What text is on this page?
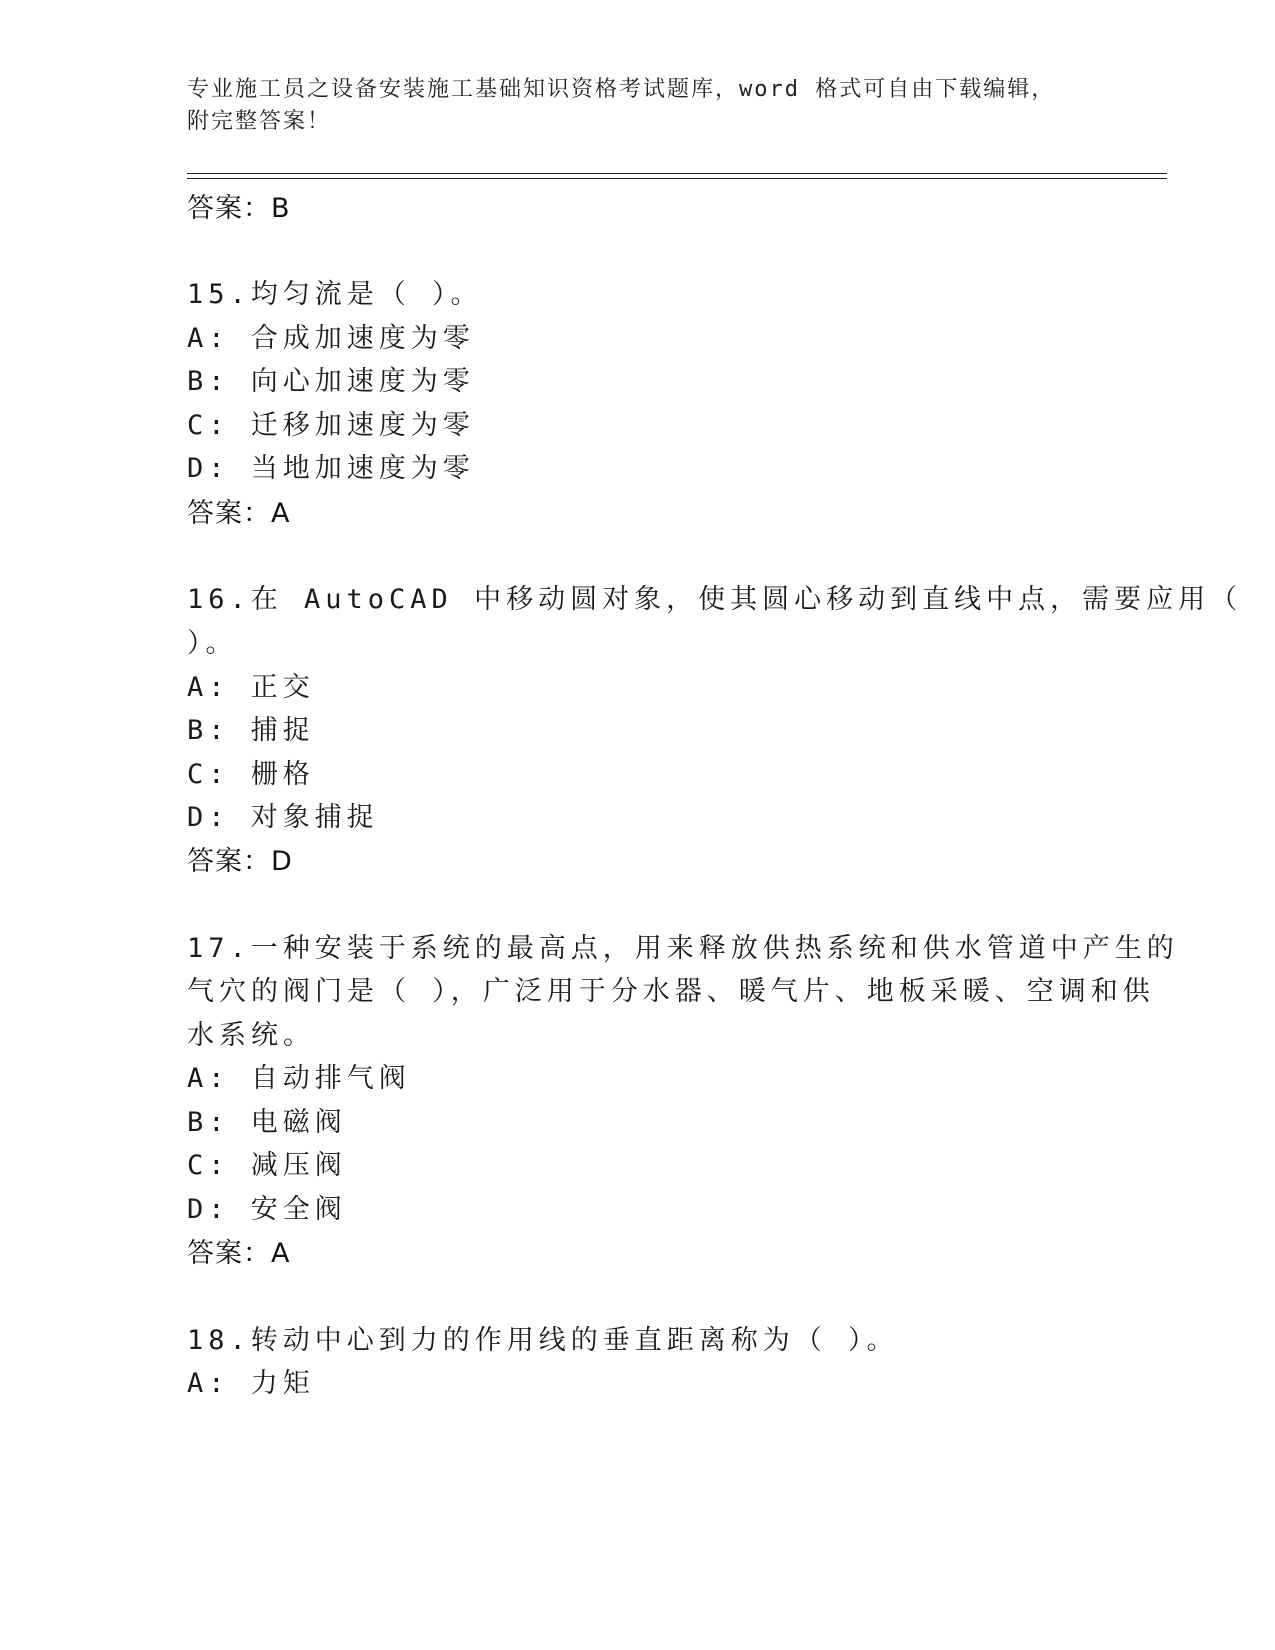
专业施工员之设备安装施工基础知识资格考试题库，word 格式可自由下载编辑，
附完整答案！
答案：B
15.均匀流是（ ）。
A: 合成加速度为零
B: 向心加速度为零
C: 迁移加速度为零
D: 当地加速度为零
答案：A
16.在 AutoCAD 中移动圆对象，使其圆心移动到直线中点，需要应用（
）。
A: 正交
B: 捕捉
C: 栅格
D: 对象捕捉
答案：D
17.一种安装于系统的最高点，用来释放供热系统和供水管道中产生的
气穴的阀门是（ ），广泛用于分水器、暖气片、地板采暖、空调和供
水系统。
A: 自动排气阀
B: 电磁阀
C: 减压阀
D: 安全阀
答案：A
18.转动中心到力的作用线的垂直距离称为（ ）。
A: 力矩
